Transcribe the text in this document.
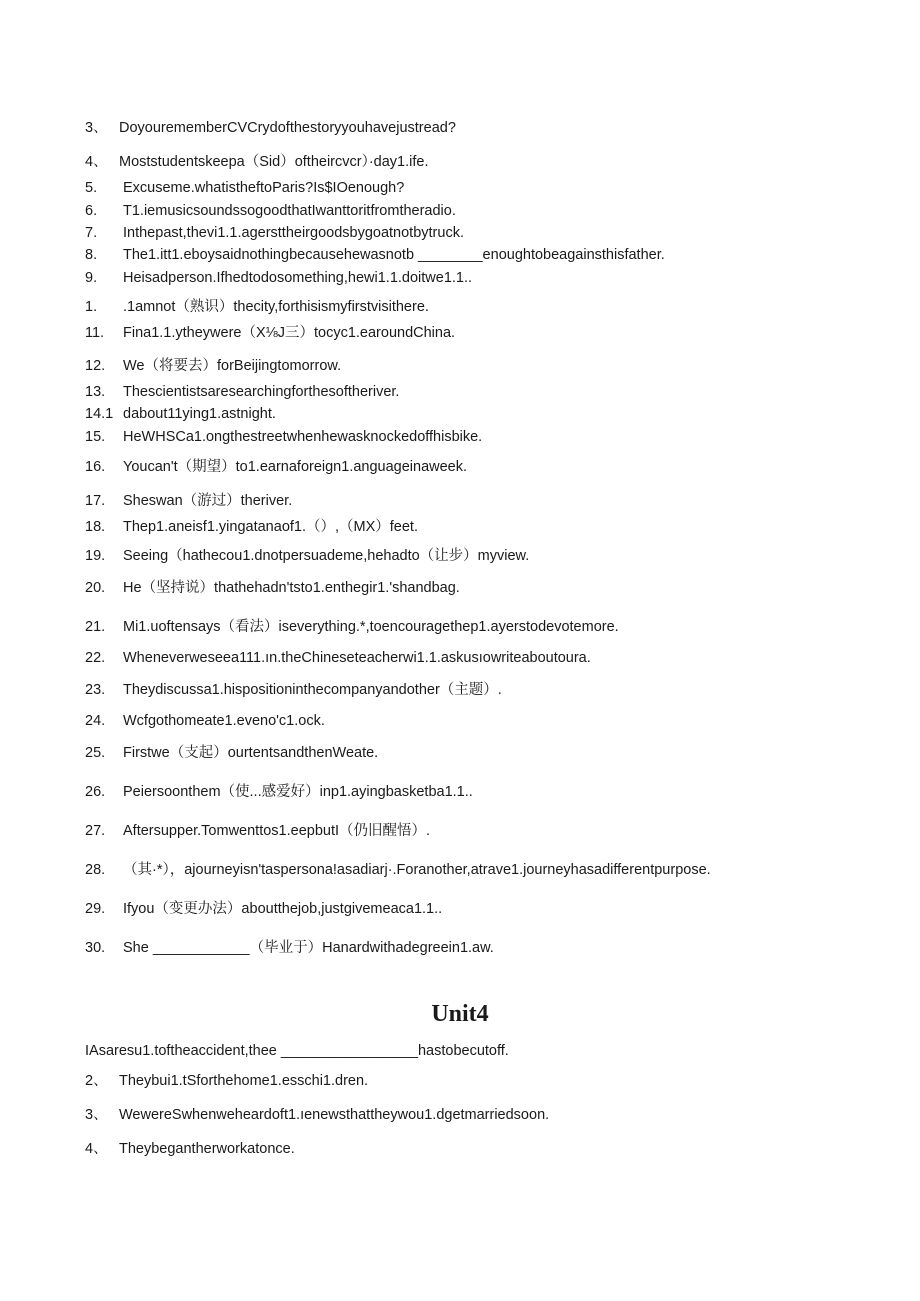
3、 DoyourememberCVCrydofthestoryyouhavejustread?
4、 Moststudentskeepa（Sid）oftheircvcr）·day1.ife.
5. Excuseme.whatistheftoParis?Is$IOenough?
6. T1.iemusicsoundssogoodthatIwanttoritfromtheradio.
7. Inthepast,thevi1.1.agersttheirgoodsbygoatnotbytruck.
8. The1.itt1.eboysaidnothingbecausehewasnotb ________enoughtobeagainsthisfather.
9. Heisadperson.Ifhedtodosomething,hewi1.1.doitwe1.1..
1. .1amnot（熟识）thecity,forthisismyfirstvisithere.
11. Fina1.1.ytheywere（X⅛J三）tocyc1.earoundChina.
12. We（将要去）forBeijingtomorrow.
13. Thescientistsaresearchingforthesoftheriver.
14.1 dabout11ying1.astnight.
15. HeWHSCa1.ongthestreetwhenhewasknockedoffhisbike.
16. Youcan't（期望）to1.earnaforeign1.anguageinaweek.
17. Sheswan（游过）theriver.
18. Thep1.aneisf1.yingatanaof1.（）,（MX）feet.
19. Seeing（hathecou1.dnotpersuademe,hehadto（让步）myview.
20. He（坚持说）thathehadn'tsto1.enthegir1.'shandbag.
21. Mi1.uoftensays（看法）iseverything.*,toencouragethep1.ayerstodevotemore.
22. Wheneverweseea111.ın.theChineseteacherwi1.1.askusıowriteaboutoura.
23. Theydiscussa1.hispositioninthecompanyandother（主题）.
24. Wcfgothomeate1.eveno'c1.ock.
25. Firstwe（支起）ourtentsandthenWeate.
26. Peiersoonthem（使...感爱好）inp1.ayingbasketba1.1..
27. Aftersupper.Tomwenttos1.eepbutI（仍旧醒悟）.
28. （其·*），ajourneyisn'taspersona!asadiarj·.Foranother,atrave1.journeyhasadifferentpurpose.
29. Ifyou（变更办法）aboutthejob,justgivemeaca1.1..
30. She ____________（毕业于）Hanardwithadegreein1.aw.
Unit4
IAsaresu1.toftheaccident,thee _________________hastobecutoff.
2、 Theybui1.tSforthehome1.esschi1.dren.
3、 WewereSwhenweheardoft1.ıenewsthattheywou1.dgetmarriedsoon.
4、 Theybegantherworkatonce.
